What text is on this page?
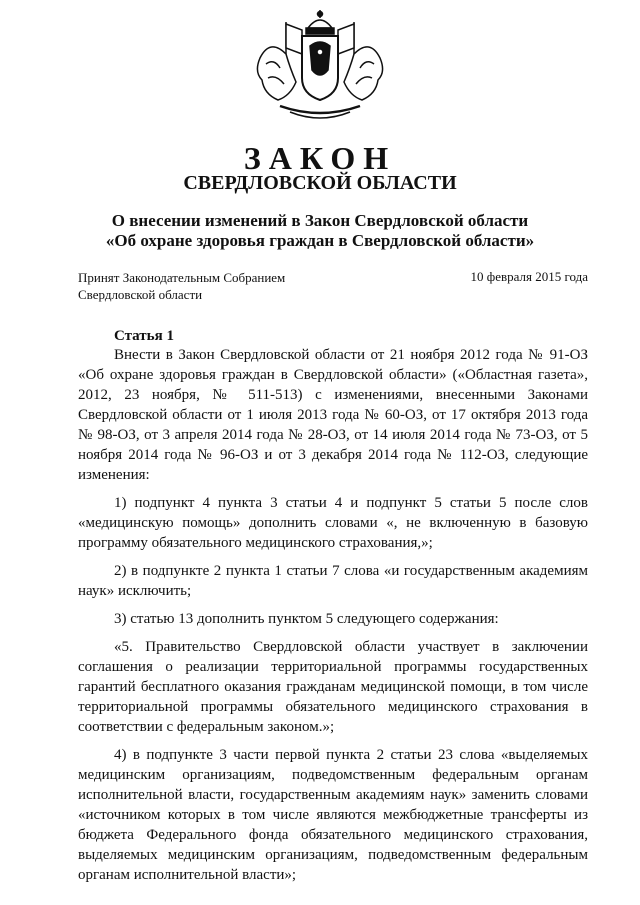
ЗАКОН
СВЕРДЛОВСКОЙ ОБЛАСТИ
О внесении изменений в Закон Свердловской области
«Об охране здоровья граждан в Свердловской области»
Принят Законодательным Собранием
Свердловской области
10 февраля 2015 года
Статья 1

Внести в Закон Свердловской области от 21 ноября 2012 года № 91-ОЗ «Об охране здоровья граждан в Свердловской области» («Областная газета», 2012, 23 ноября, № 511-513) с изменениями, внесенными Законами Свердловской области от 1 июля 2013 года № 60-ОЗ, от 17 октября 2013 года № 98-ОЗ, от 3 апреля 2014 года № 28-ОЗ, от 14 июля 2014 года № 73-ОЗ, от 5 ноября 2014 года № 96-ОЗ и от 3 декабря 2014 года № 112-ОЗ, следующие изменения:

1) подпункт 4 пункта 3 статьи 4 и подпункт 5 статьи 5 после слов «медицинскую помощь» дополнить словами «, не включенную в базовую программу обязательного медицинского страхования,»;

2) в подпункте 2 пункта 1 статьи 7 слова «и государственным академиям наук» исключить;

3) статью 13 дополнить пунктом 5 следующего содержания:

«5. Правительство Свердловской области участвует в заключении соглашения о реализации территориальной программы государственных гарантий бесплатного оказания гражданам медицинской помощи, в том числе территориальной программы обязательного медицинского страхования в соответствии с федеральным законом.»;

4) в подпункте 3 части первой пункта 2 статьи 23 слова «выделяемых медицинским организациям, подведомственным федеральным органам исполнительной власти, государственным академиям наук» заменить словами «источником которых в том числе являются межбюджетные трансферты из бюджета Федерального фонда обязательного медицинского страхования, выделяемых медицинским организациям, подведомственным федеральным органам исполнительной власти»;
